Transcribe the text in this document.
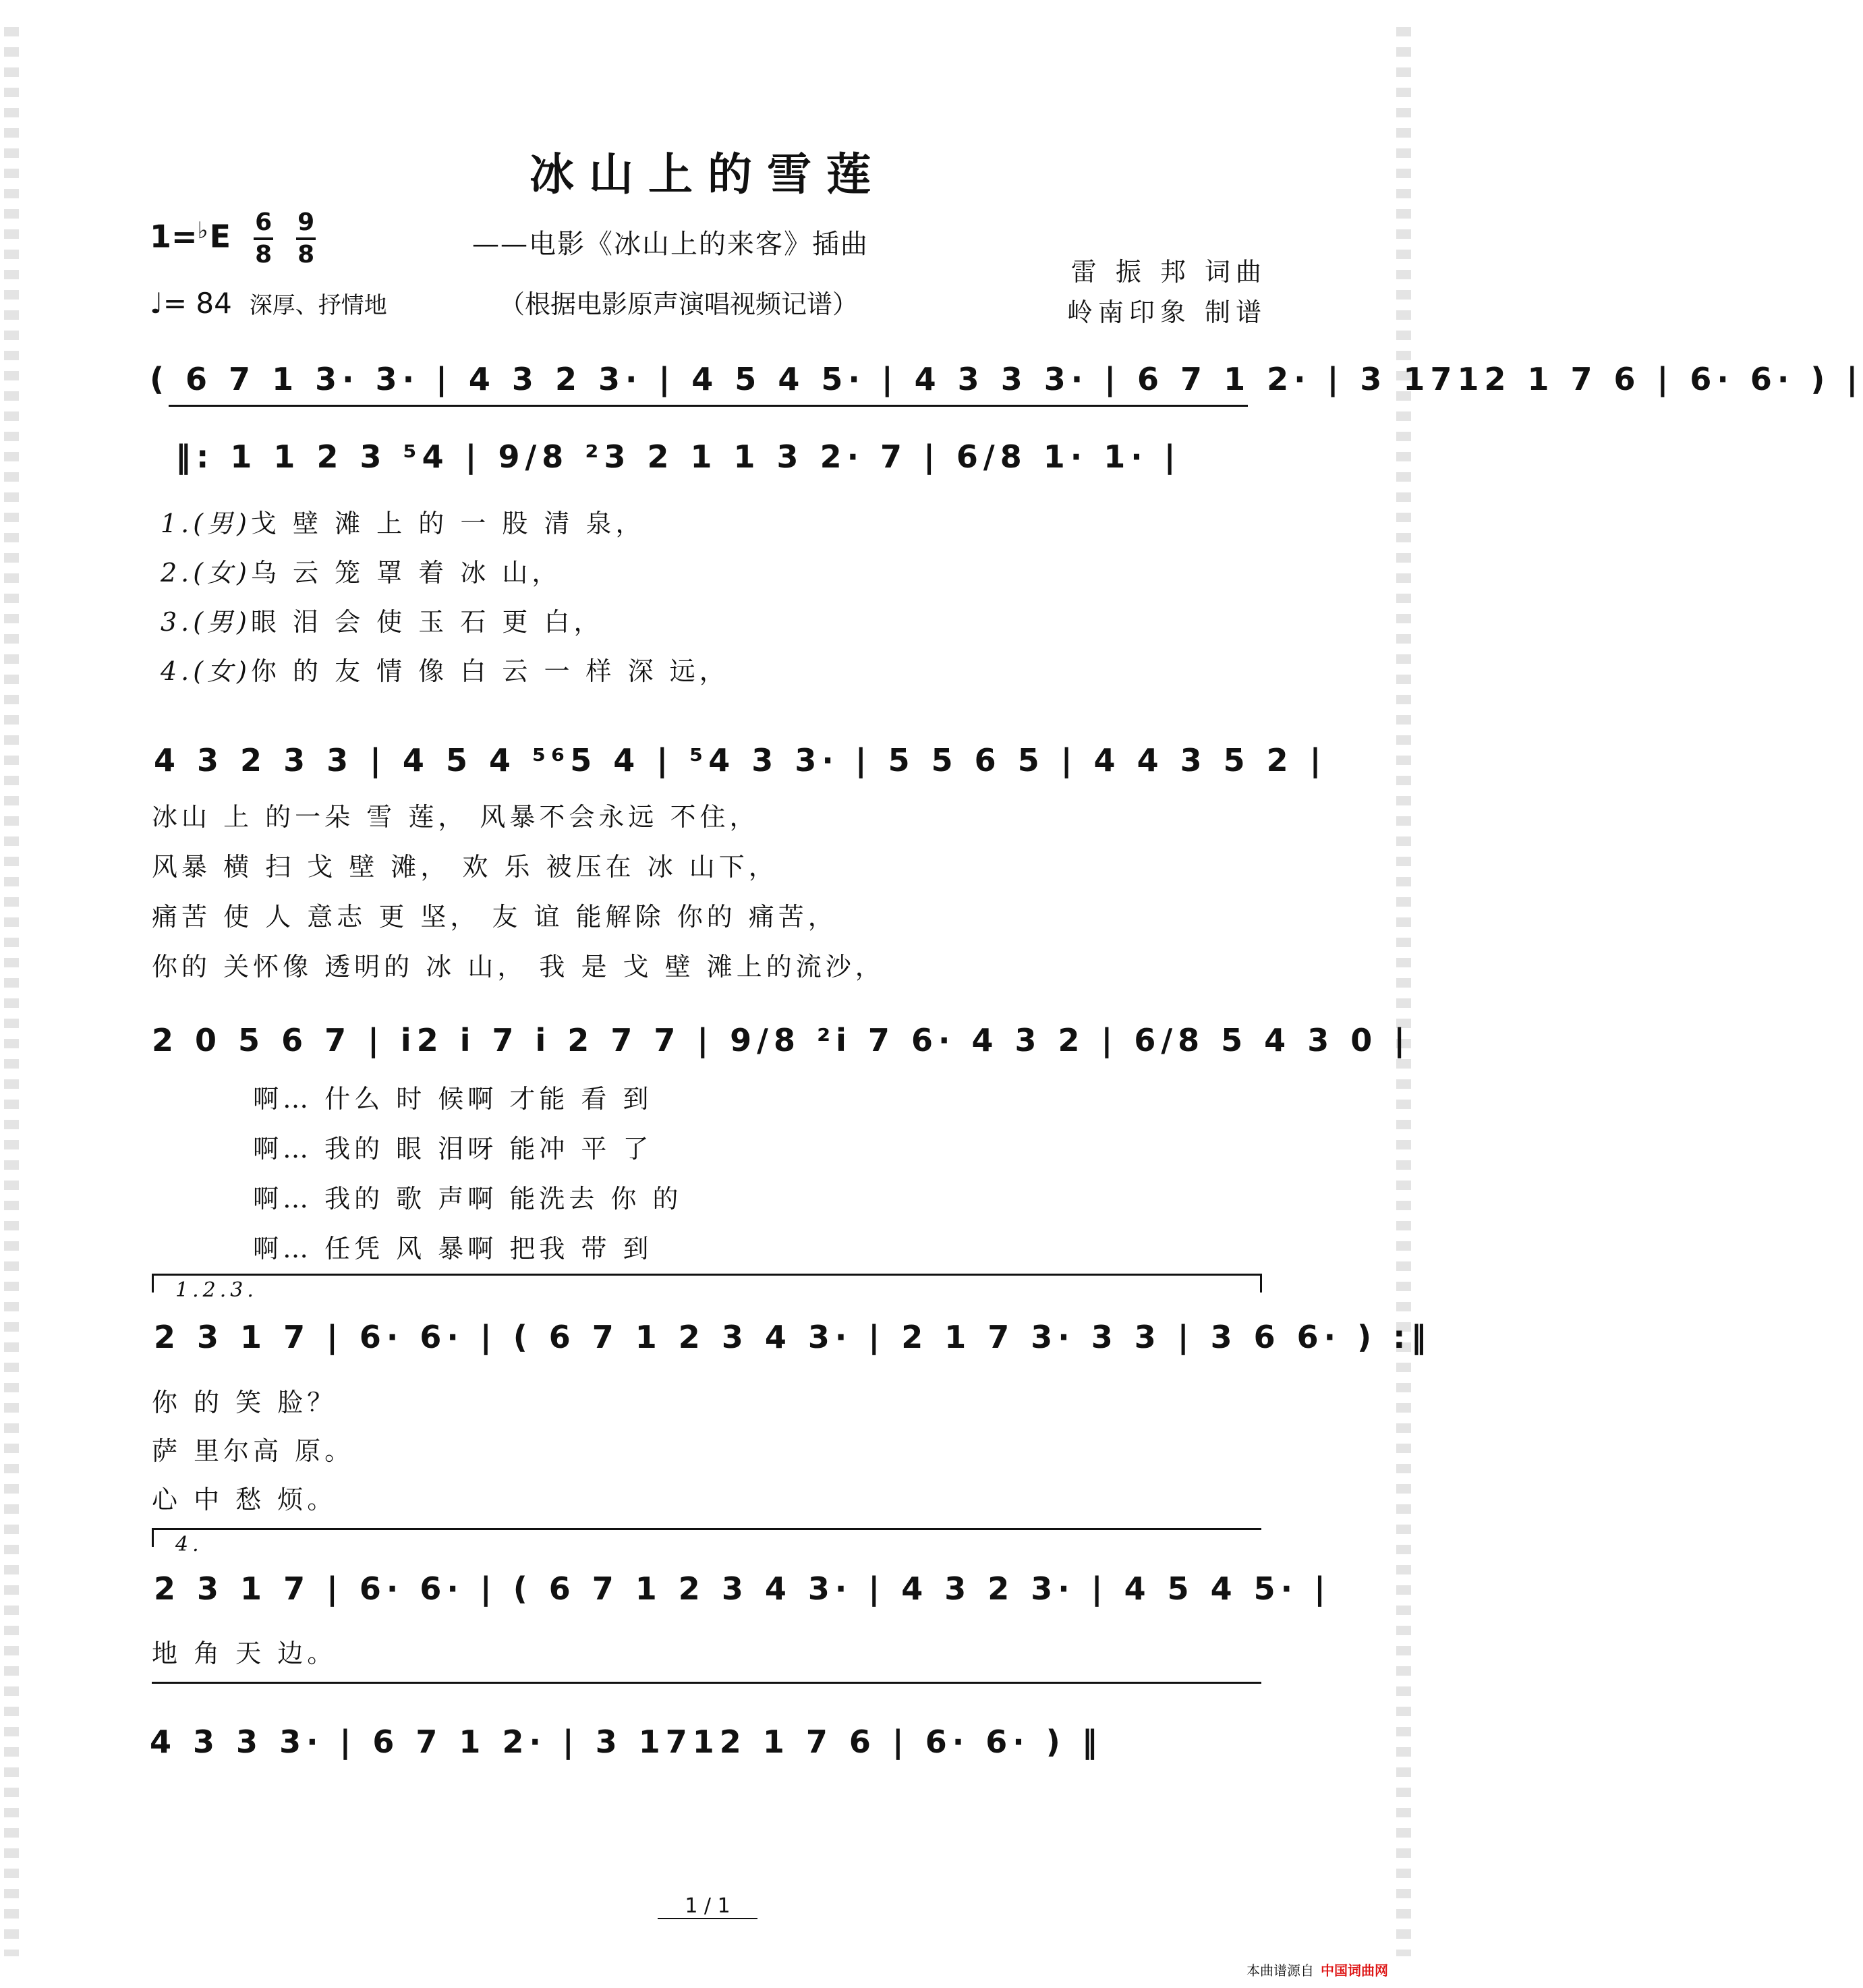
冰山上的雪莲
$1=^♭E \frac{6}{8}$
$\frac{9}{8}$	——电影《冰山上的来客》插曲
♩= 84 深厚、抒情地	（根据电影原声演唱视频记谱）
雷 振 邦 词曲
岭南印象 制谱
( 6 7 1 3· 3· | 4 3 2 3· | 4 5 4 5· | 4 3 3 3· | 6 7 1 2· | 3 1712 1 7 6 | 6· 6· ) |
‖: 1 1 2 3 ⁵4 | 9/8 ²3 2 1 1 3 2· 7 | 6/8 1· 1· |
1.(男)戈 壁 滩 上 的 一 股 清 泉，
2.(女)乌 云 笼 罩 着 冰 山，
3.(男)眼 泪 会 使 玉 石 更 白，
4.(女)你 的 友 情 像 白 云 一 样 深 远，
4 3 2 3 3 | 4 5 4 ⁵⁶5 4 | ⁵4 3 3· | 5 5 6 5 | 4 4 3 5 2 |
冰山 上 的一朵 雪 莲， 风暴不会永远 不住，
风暴 横 扫 戈 壁 滩， 欢 乐 被压在 冰 山下，
痛苦 使 人 意志 更 坚， 友 谊 能解除 你的 痛苦，
你的 关怀像 透明的 冰 山， 我 是 戈 壁 滩上的流沙，
2 0 5 6 7 | i2 i 7 i 2 7 7 | 9/8 ²i 7 6· 4 3 2 | 6/8 5 4 3 0 |
啊… 什么 时 候啊 才能 看 到
啊… 我的 眼 泪呀 能冲 平 了
啊… 我的 歌 声啊 能洗去 你 的
啊… 任凭 风 暴啊 把我 带 到
1.2.3.
2 3 1 7 | 6· 6· | ( 6 7 1 2 3 4 3· | 2 1 7 3· 3 3 | 3 6 6· ) :‖
你 的 笑 脸？
萨 里尔高 原。
心 中 愁 烦。
4.
2 3 1 7 | 6· 6· | ( 6 7 1 2 3 4 3· | 4 3 2 3· | 4 5 4 5· |
地 角 天 边。
4 3 3 3· | 6 7 1 2· | 3 1712 1 7 6 | 6· 6· ) ‖
1 / 1
本曲谱源自 中国词曲网
